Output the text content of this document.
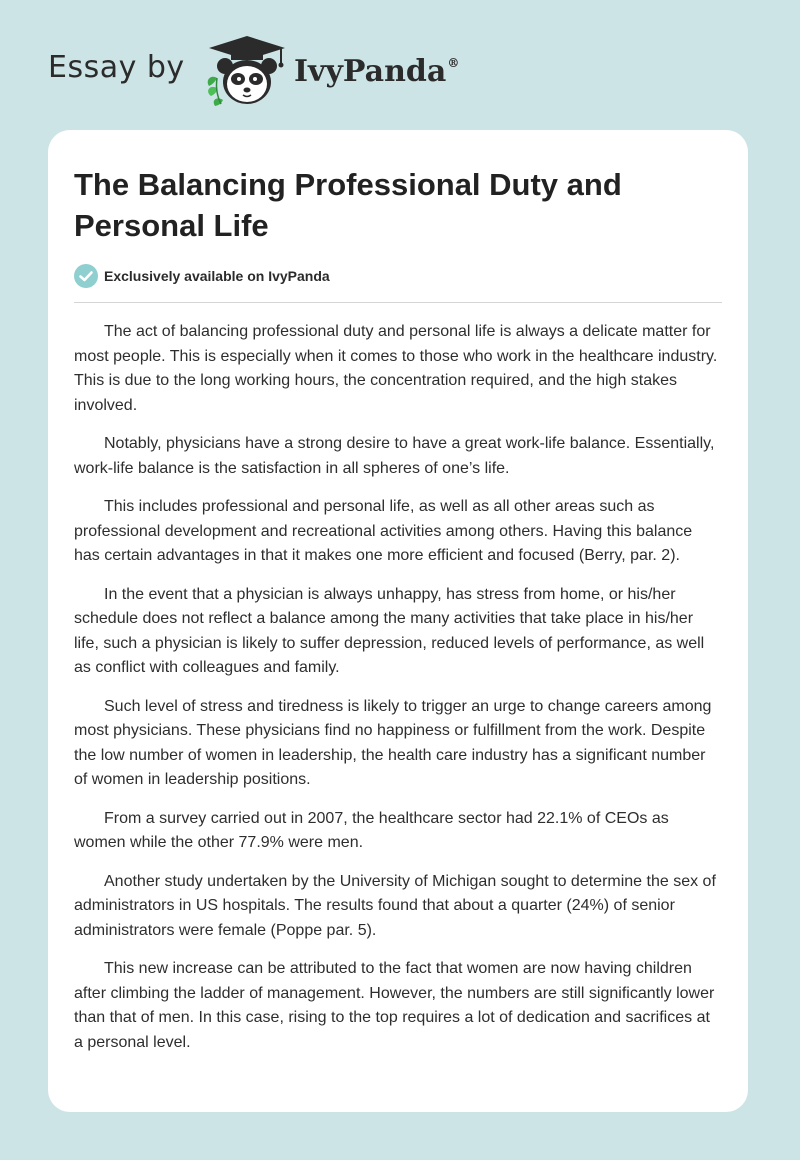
Essay by	IvyPanda®
The Balancing Professional Duty and Personal Life
Exclusively available on IvyPanda

The act of balancing professional duty and personal life is always a delicate matter for most people. This is especially when it comes to those who work in the healthcare industry. This is due to the long working hours, the concentration required, and the high stakes involved.

Notably, physicians have a strong desire to have a great work-life balance. Essentially, work-life balance is the satisfaction in all spheres of one’s life.

This includes professional and personal life, as well as all other areas such as professional development and recreational activities among others. Having this balance has certain advantages in that it makes one more efficient and focused (Berry, par. 2).

In the event that a physician is always unhappy, has stress from home, or his/her schedule does not reflect a balance among the many activities that take place in his/her life, such a physician is likely to suffer depression, reduced levels of performance, as well as conflict with colleagues and family.

Such level of stress and tiredness is likely to trigger an urge to change careers among most physicians. These physicians find no happiness or fulfillment from the work. Despite the low number of women in leadership, the health care industry has a significant number of women in leadership positions.

From a survey carried out in 2007, the healthcare sector had 22.1% of CEOs as women while the other 77.9% were men.

Another study undertaken by the University of Michigan sought to determine the sex of administrators in US hospitals. The results found that about a quarter (24%) of senior administrators were female (Poppe par. 5).

This new increase can be attributed to the fact that women are now having children after climbing the ladder of management. However, the numbers are still significantly lower than that of men. In this case, rising to the top requires a lot of dedication and sacrifices at a personal level.
